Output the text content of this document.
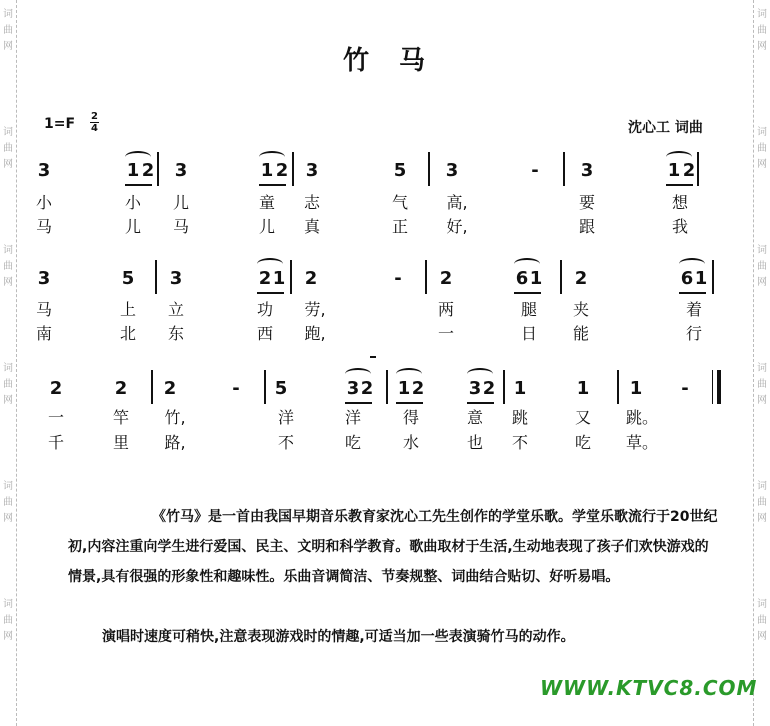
词
曲
网
词
曲
网
词
曲
网
词
曲
网
词
曲
网
词
曲
网
词
曲
网
词
曲
网
词
曲
网
词
曲
网
词
曲
网
词
曲
网
竹　马
1=F 2
4	沈心工 词曲
3	1 2	3	1 2 3	5	3	-	3	1 2
小	小	儿	童	志	气	高,	要	想
马	儿	马	儿	真	正	好,	跟	我
3	5	3	2 1	2	-	2	6 1	2	6 1
马	上	立	功	劳,	两	腿	夹	着
南	北	东	西	跑,	一	日	能	行
2	2	2	-	5	3 2	1 2	3 2	1	1	1	-
一	竿	竹,	洋	洋	得	意	跳	又	跳。
千	里	路,	不	吃	水	也	不	吃	草。
《竹马》是一首由我国早期音乐教育家沈心工先生创作的学堂乐歌。学堂乐歌流行于20世纪初,内容注重向学生进行爱国、民主、文明和科学教育。歌曲取材于生活,生动地表现了孩子们欢快游戏的情景,具有很强的形象性和趣味性。乐曲音调简洁、节奏规整、词曲结合贴切、好听易唱。
演唱时速度可稍快,注意表现游戏时的情趣,可适当加一些表演骑竹马的动作。
WWW.KTVC8.COM
